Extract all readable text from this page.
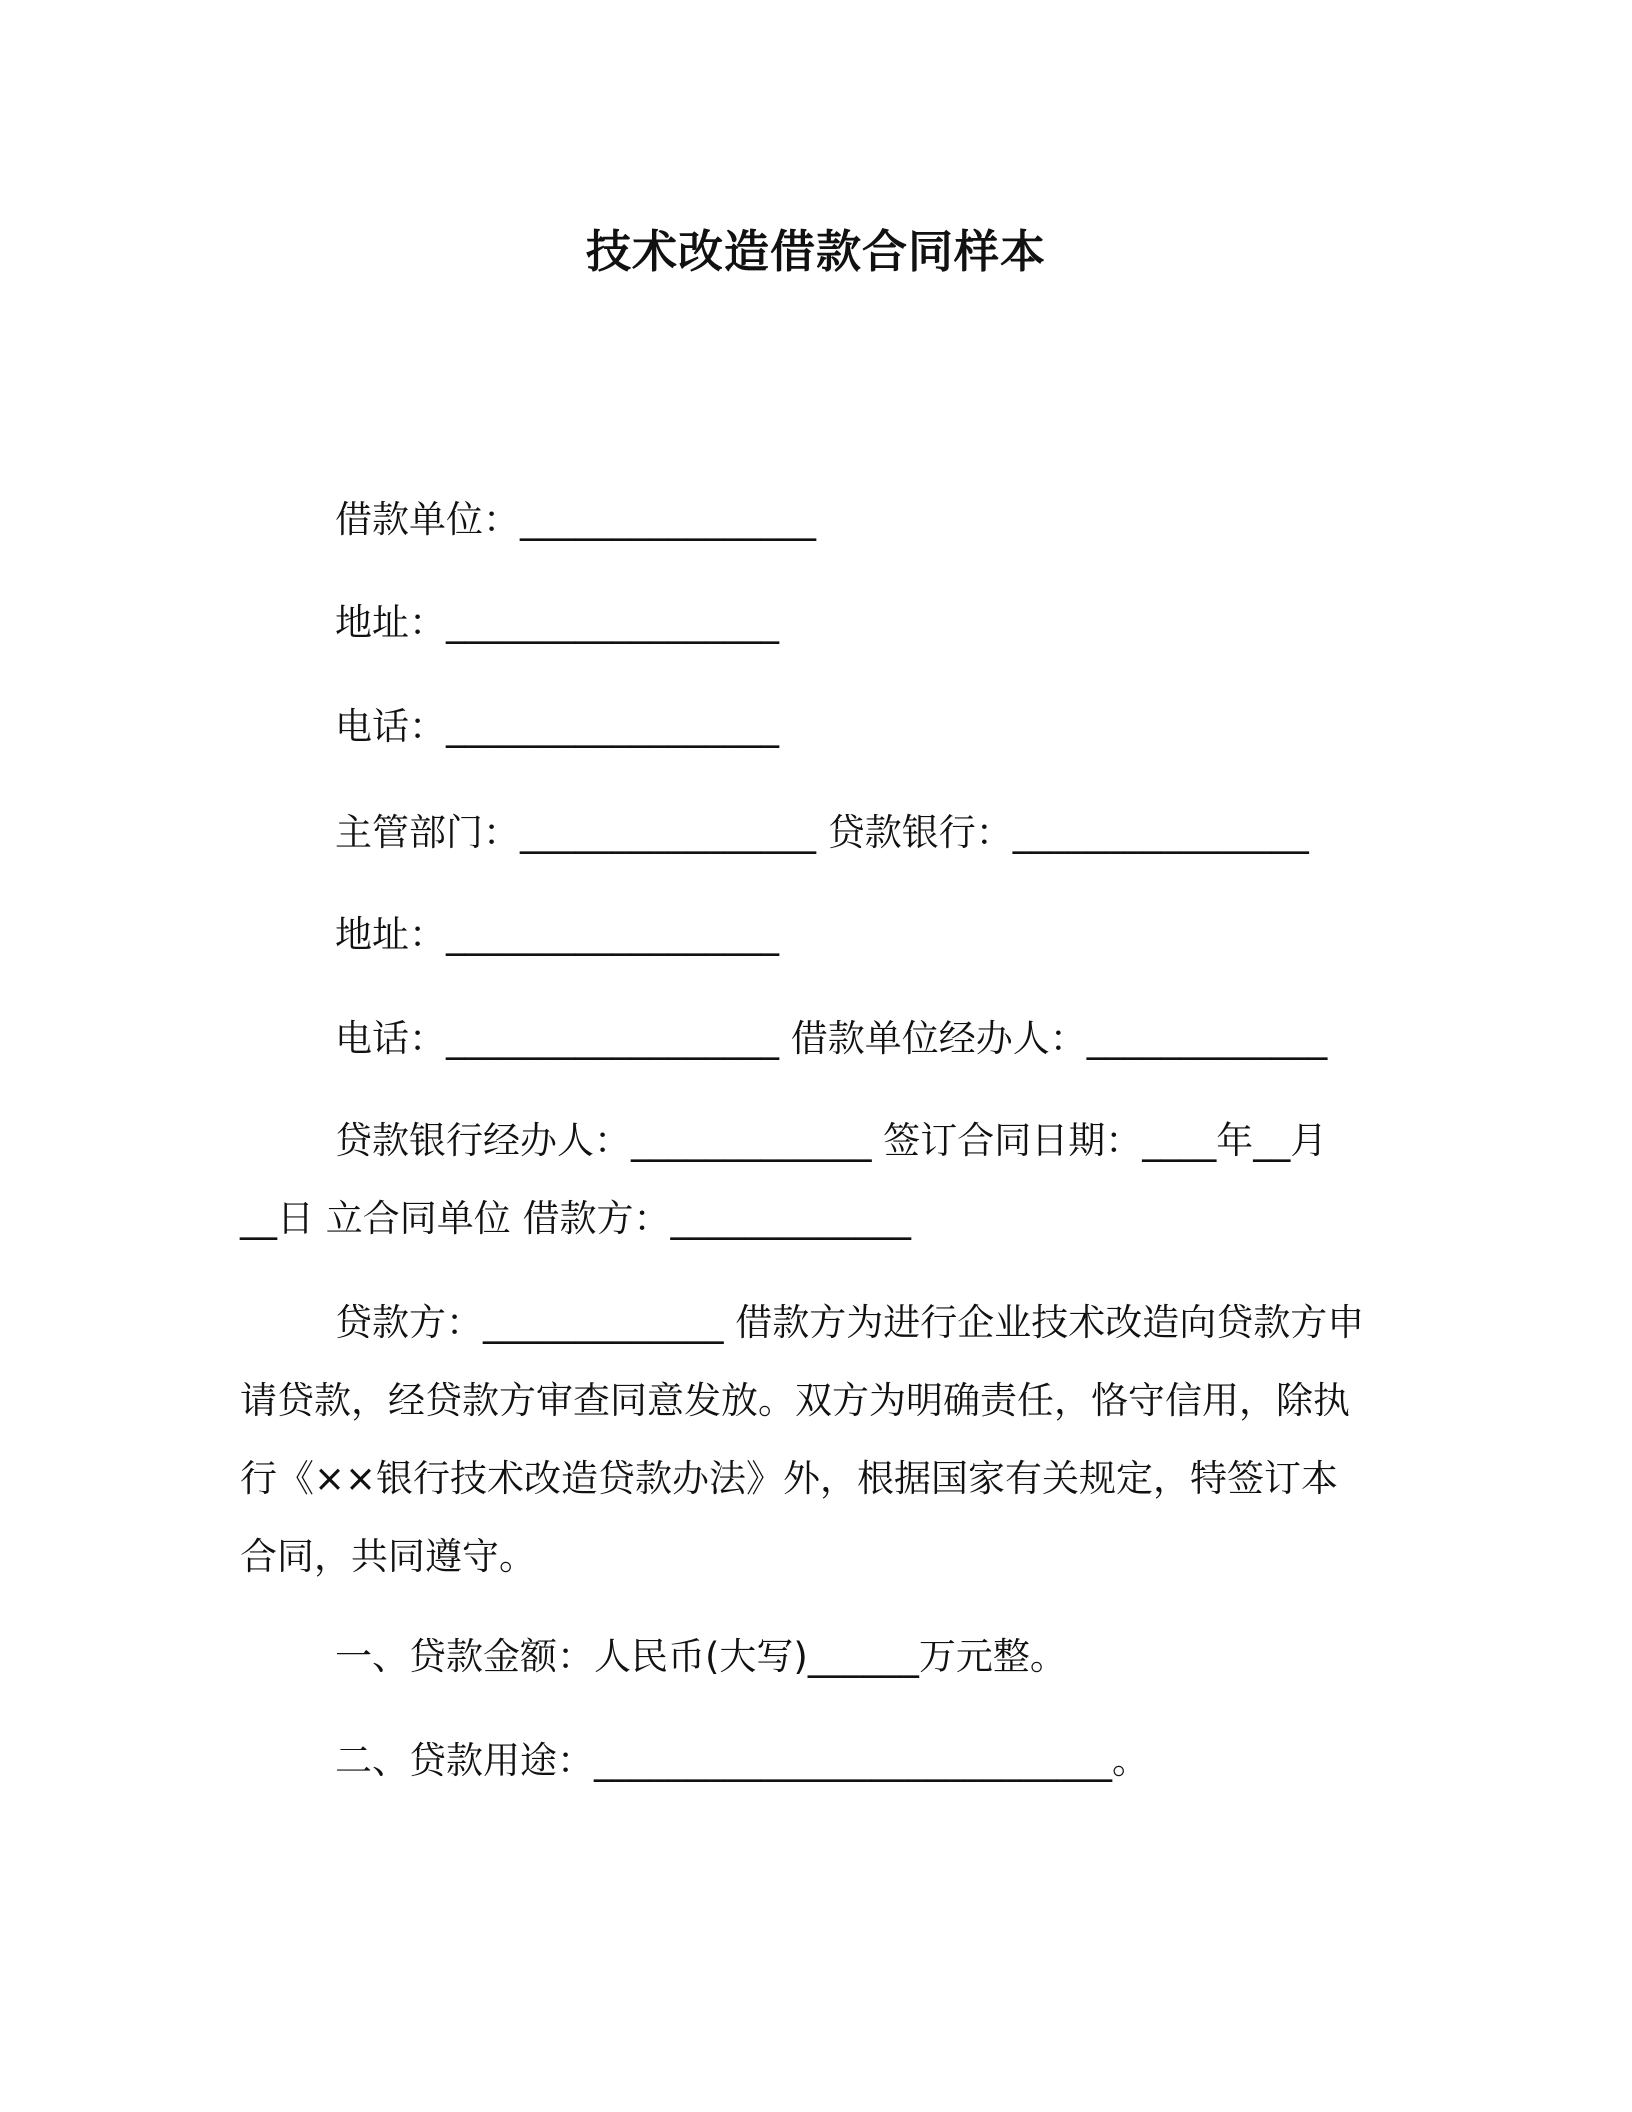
技术改造借款合同样本
借款单位：________________
地址：__________________
电话：__________________
主管部门：________________ 贷款银行：________________
地址：__________________
电话：__________________ 借款单位经办人：_____________
贷款银行经办人：_____________ 签订合同日期：____年__月
__日 立合同单位 借款方：_____________
贷款方：_____________ 借款方为进行企业技术改造向贷款方申
请贷款，经贷款方审查同意发放。双方为明确责任，恪守信用，除执
行《××银行技术改造贷款办法》外，根据国家有关规定，特签订本
合同，共同遵守。
一、贷款金额：人民币(大写)______万元整。
二、贷款用途：____________________________。
